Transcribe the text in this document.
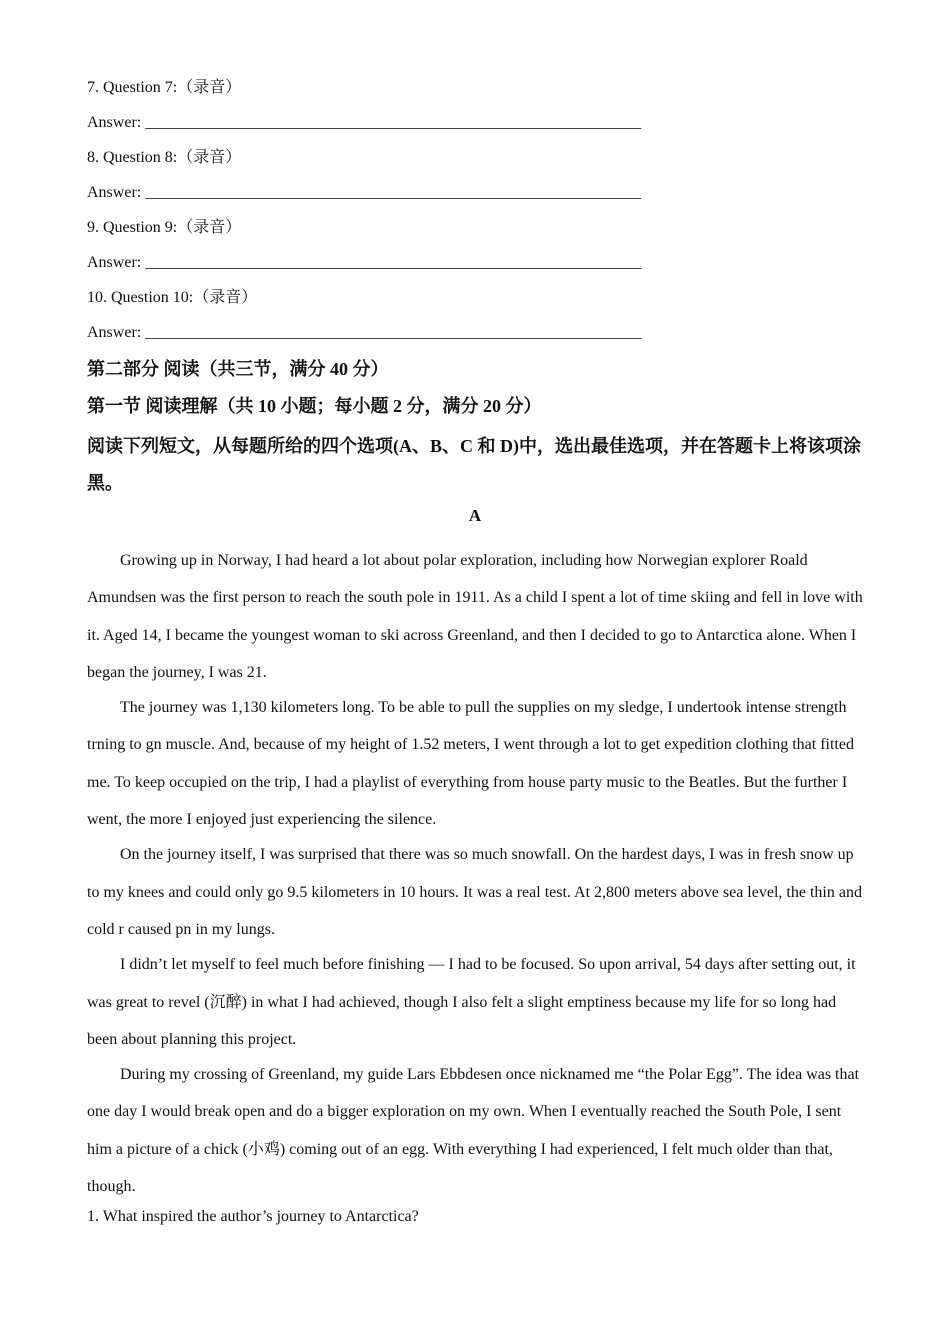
7. Question 7:（录音）
Answer: ______________________________________________________________
8. Question 8:（录音）
Answer: ______________________________________________________________
9. Question 9:（录音）
Answer: ______________________________________________________________
10. Question 10:（录音）
Answer: ______________________________________________________________
第二部分 阅读（共三节，满分 40 分）
第一节 阅读理解（共 10 小题；每小题 2 分，满分 20 分）
阅读下列短文，从每题所给的四个选项(A、B、C 和 D)中，选出最佳选项，并在答题卡上将该项涂黑。
A

Growing up in Norway, I had heard a lot about polar exploration, including how Norwegian explorer Roald Amundsen was the first person to reach the south pole in 1911. As a child I spent a lot of time skiing and fell in love with it. Aged 14, I became the youngest woman to ski across Greenland, and then I decided to go to Antarctica alone. When I began the journey, I was 21.

The journey was 1,130 kilometers long. To be able to pull the supplies on my sledge, I undertook intense strength trning to gn muscle. And, because of my height of 1.52 meters, I went through a lot to get expedition clothing that fitted me. To keep occupied on the trip, I had a playlist of everything from house party music to the Beatles. But the further I went, the more I enjoyed just experiencing the silence.

On the journey itself, I was surprised that there was so much snowfall. On the hardest days, I was in fresh snow up to my knees and could only go 9.5 kilometers in 10 hours. It was a real test. At 2,800 meters above sea level, the thin and cold r caused pn in my lungs.

I didn’t let myself to feel much before finishing — I had to be focused. So upon arrival, 54 days after setting out, it was great to revel (沉醉) in what I had achieved, though I also felt a slight emptiness because my life for so long had been about planning this project.

During my crossing of Greenland, my guide Lars Ebbdesen once nicknamed me “the Polar Egg”. The idea was that one day I would break open and do a bigger exploration on my own. When I eventually reached the South Pole, I sent him a picture of a chick (小鸡) coming out of an egg. With everything I had experienced, I felt much older than that, though.

1. What inspired the author’s journey to Antarctica?
